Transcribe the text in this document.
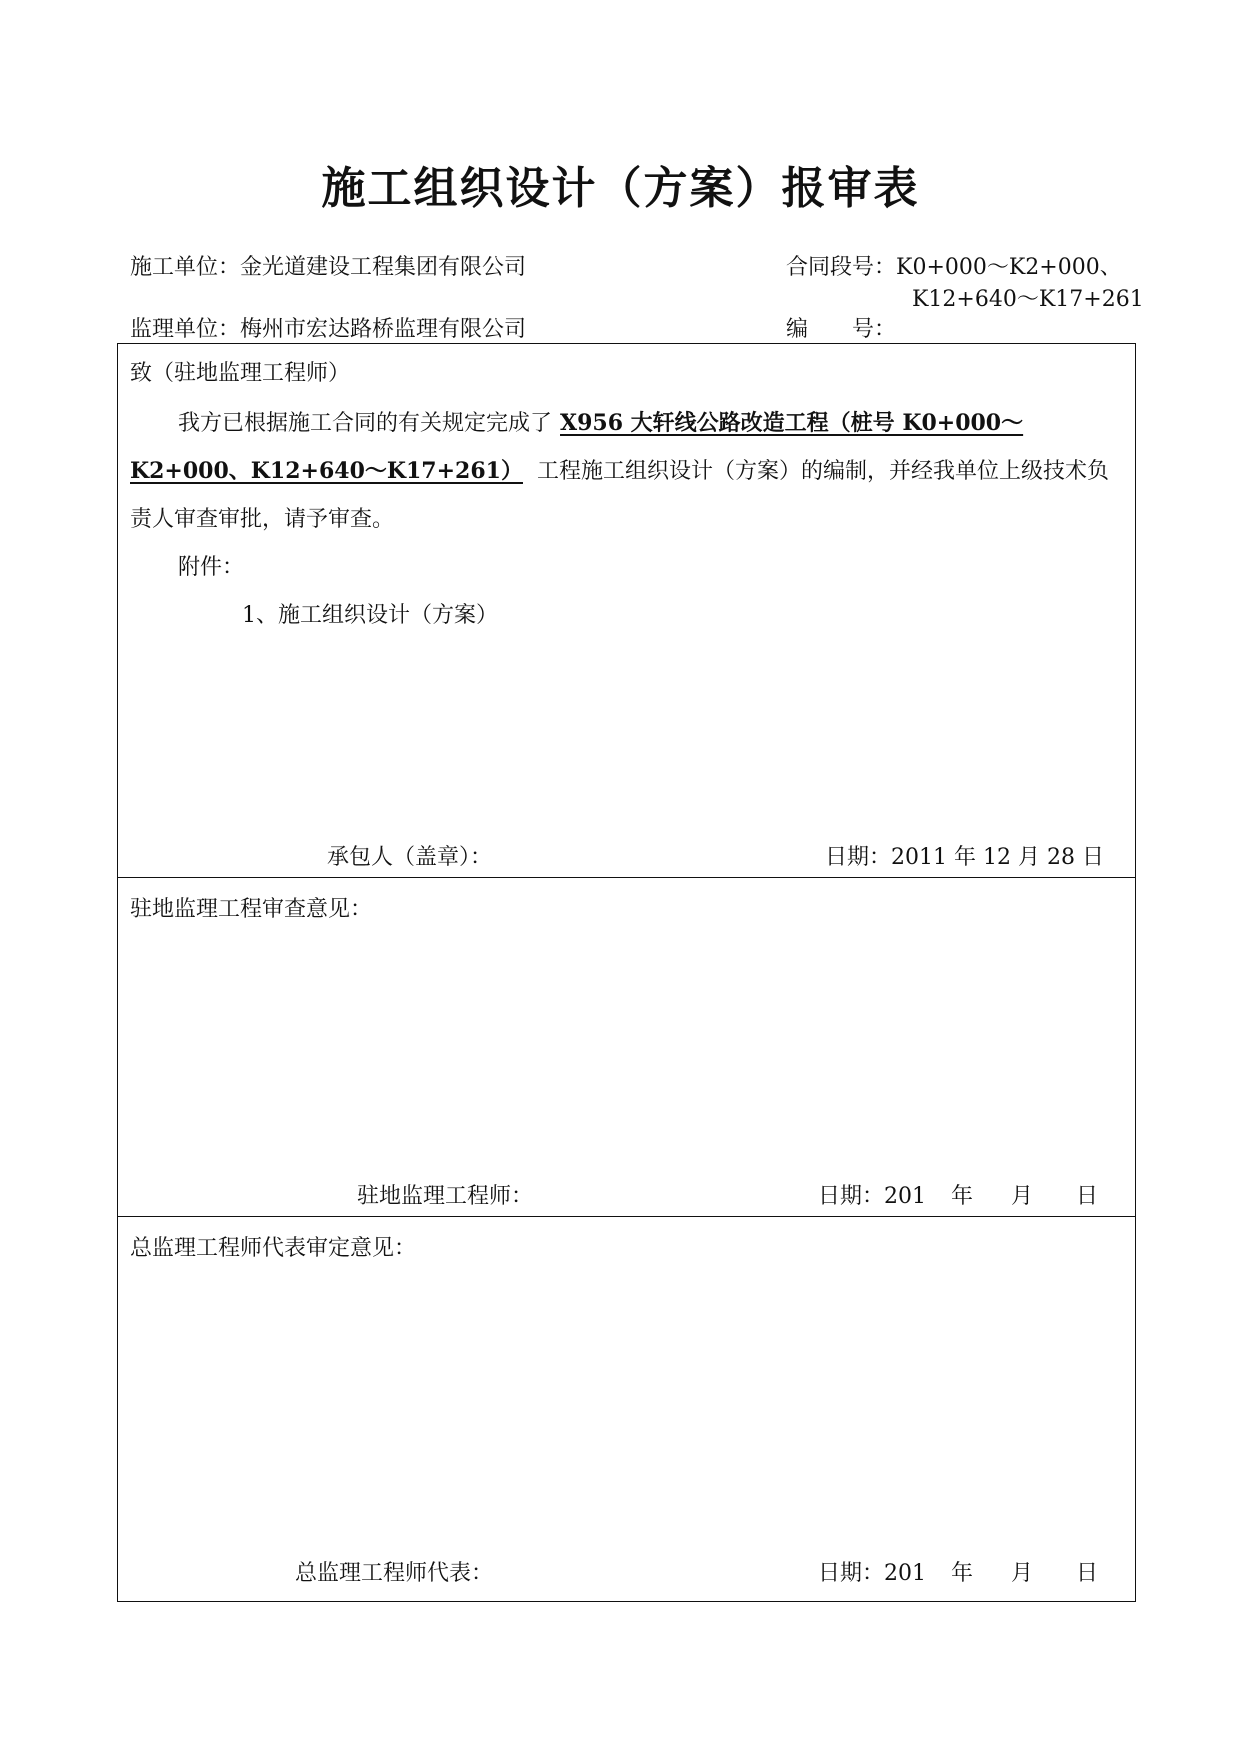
施工组织设计（方案）报审表
施工单位：金光道建设工程集团有限公司	合同段号：K0+000～K2+000、
K12+640～K17+261
监理单位：梅州市宏达路桥监理有限公司	编　　号：
致（驻地监理工程师）
我方已根据施工合同的有关规定完成了 X956 大轩线公路改造工程（桩号 K0+000～
K2+000、K12+640～K17+261） 工程施工组织设计（方案）的编制，并经我单位上级技术负
责人审查审批，请予审查。
附件：
1、施工组织设计（方案）
承包人（盖章）：	日期：2011 年 12 月 28 日
驻地监理工程审查意见：
驻地监理工程师：	日期：201 年 月 日
总监理工程师代表审定意见：
总监理工程师代表：	日期：201 年 月 日
